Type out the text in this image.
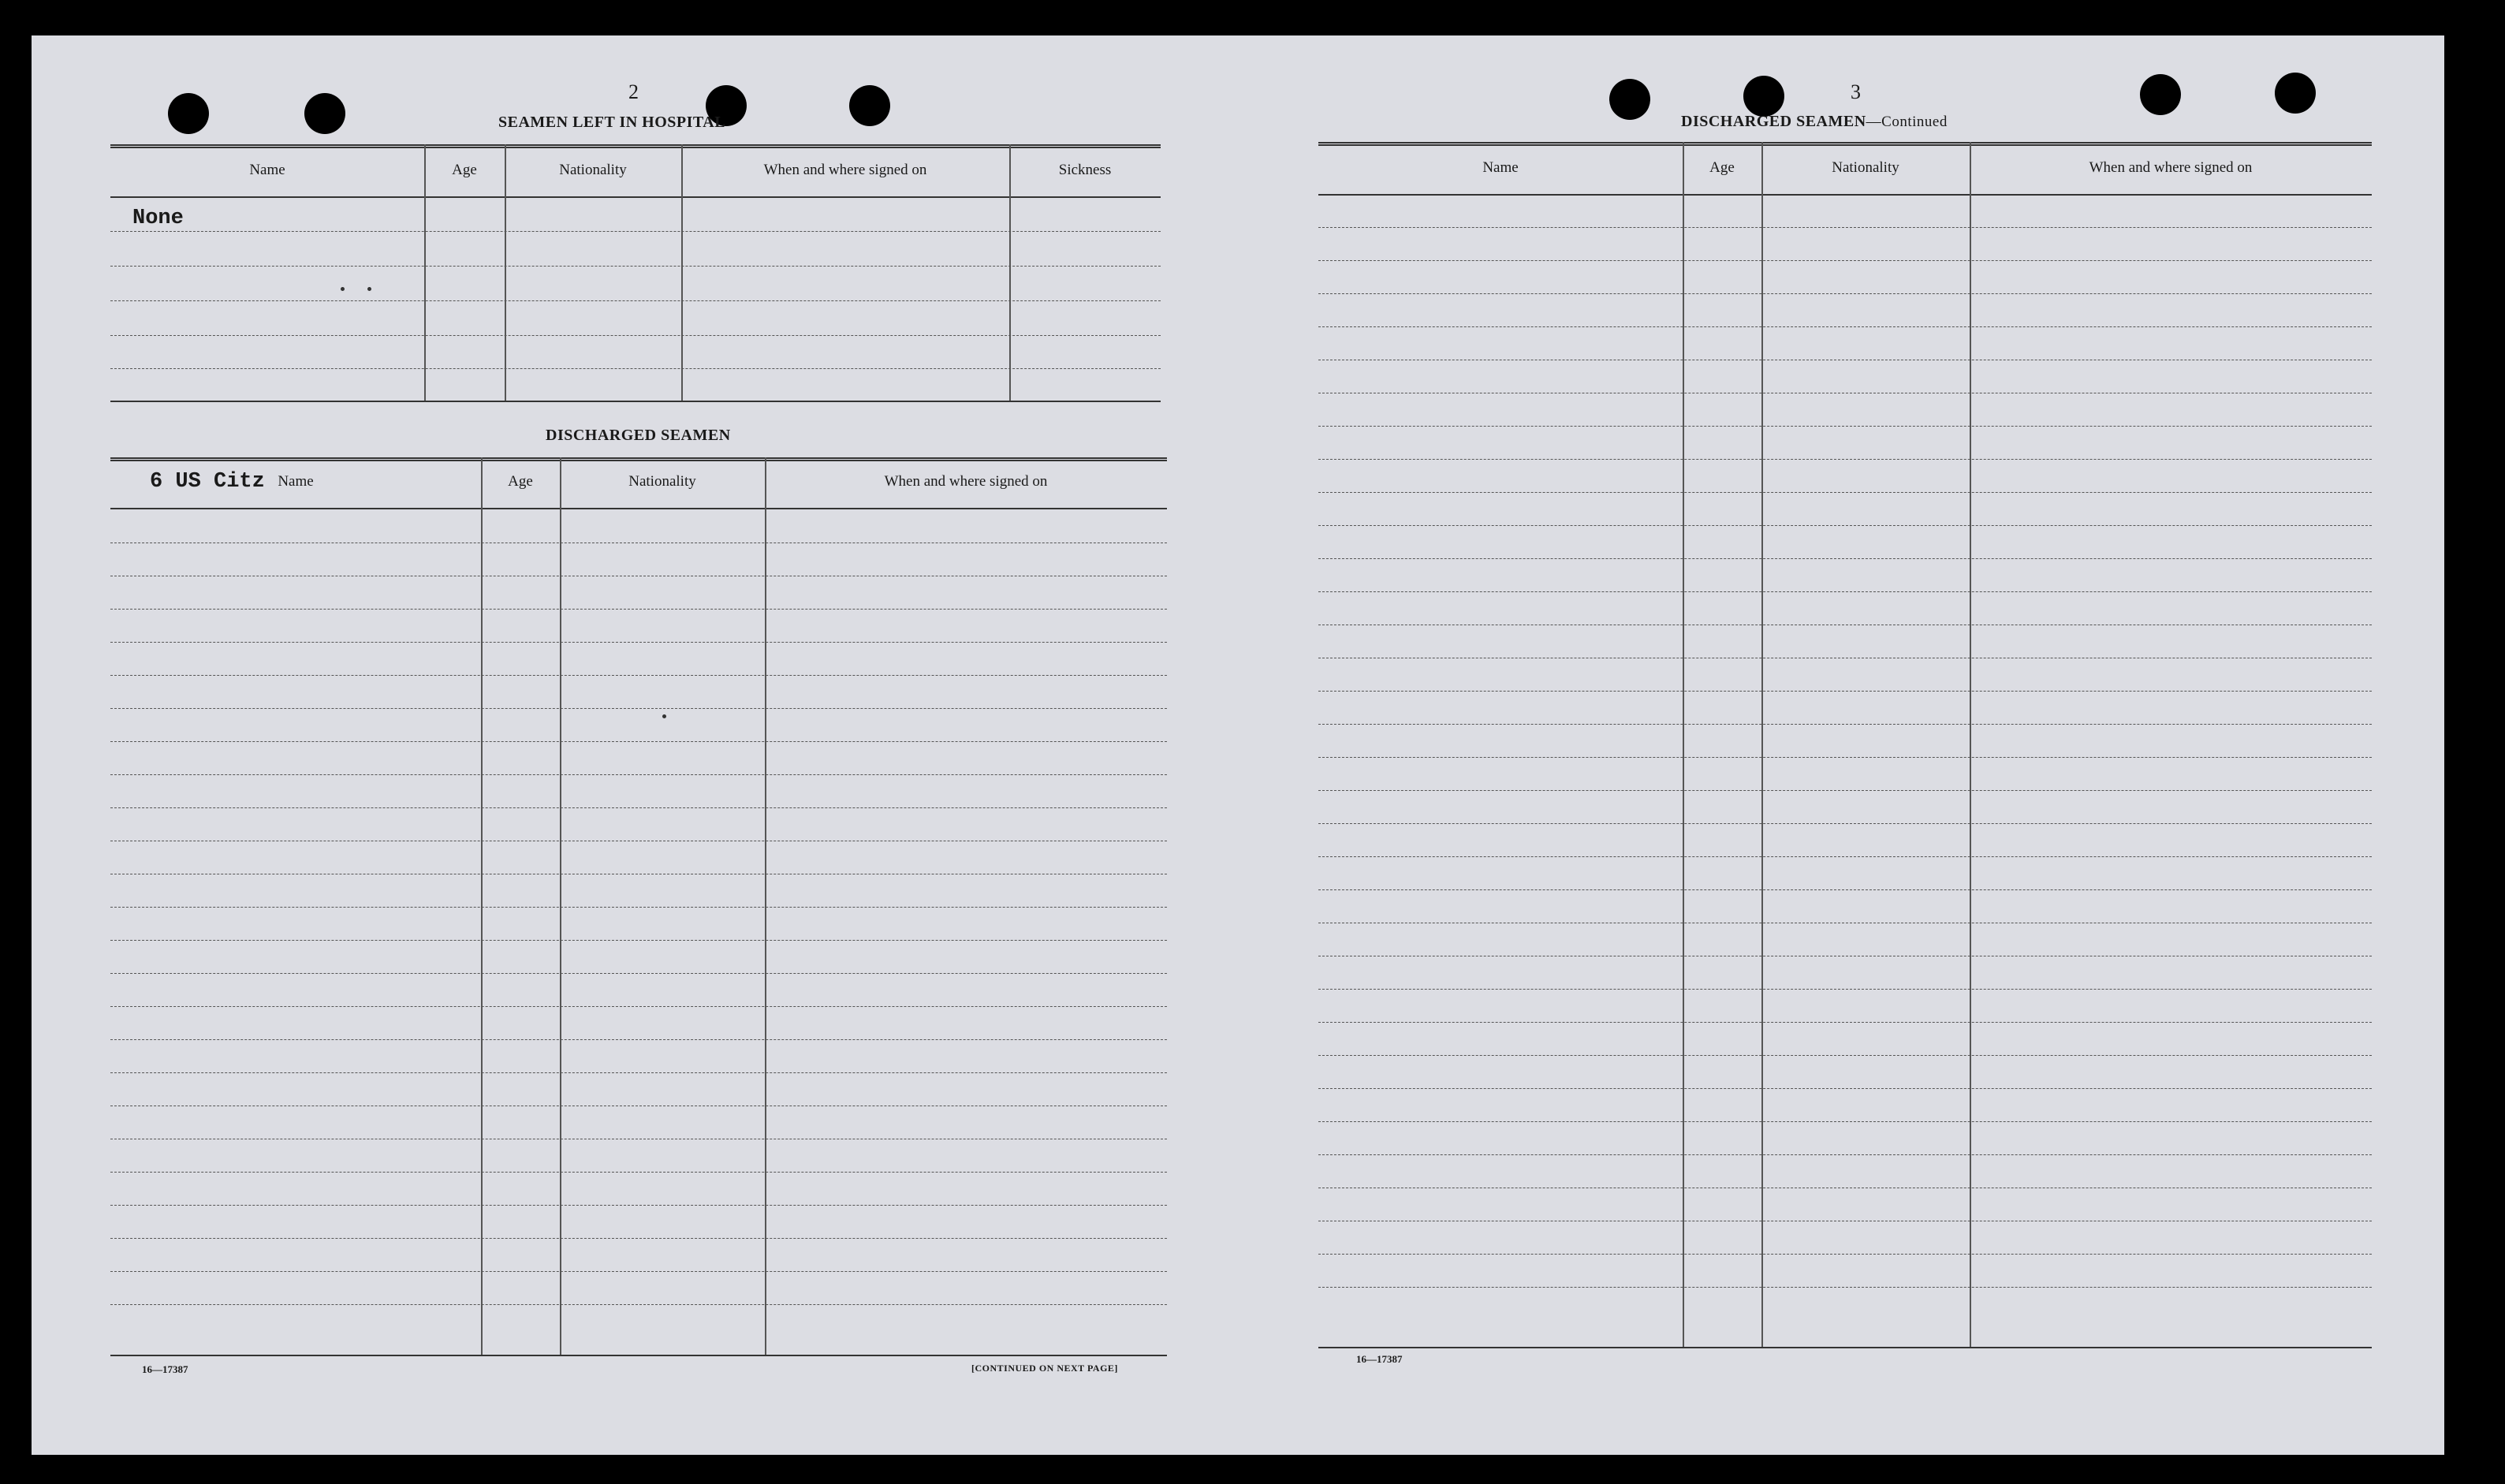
2
SEAMEN LEFT IN HOSPITAL
Name	Age	Nationality	When and where signed on	Sickness
None
DISCHARGED SEAMEN
Name	Age	Nationality	When and where signed on
6 US Citz
16—17387	[CONTINUED ON NEXT PAGE]
3
DISCHARGED SEAMEN—Continued
Name	Age	Nationality	When and where signed on
16—17387
